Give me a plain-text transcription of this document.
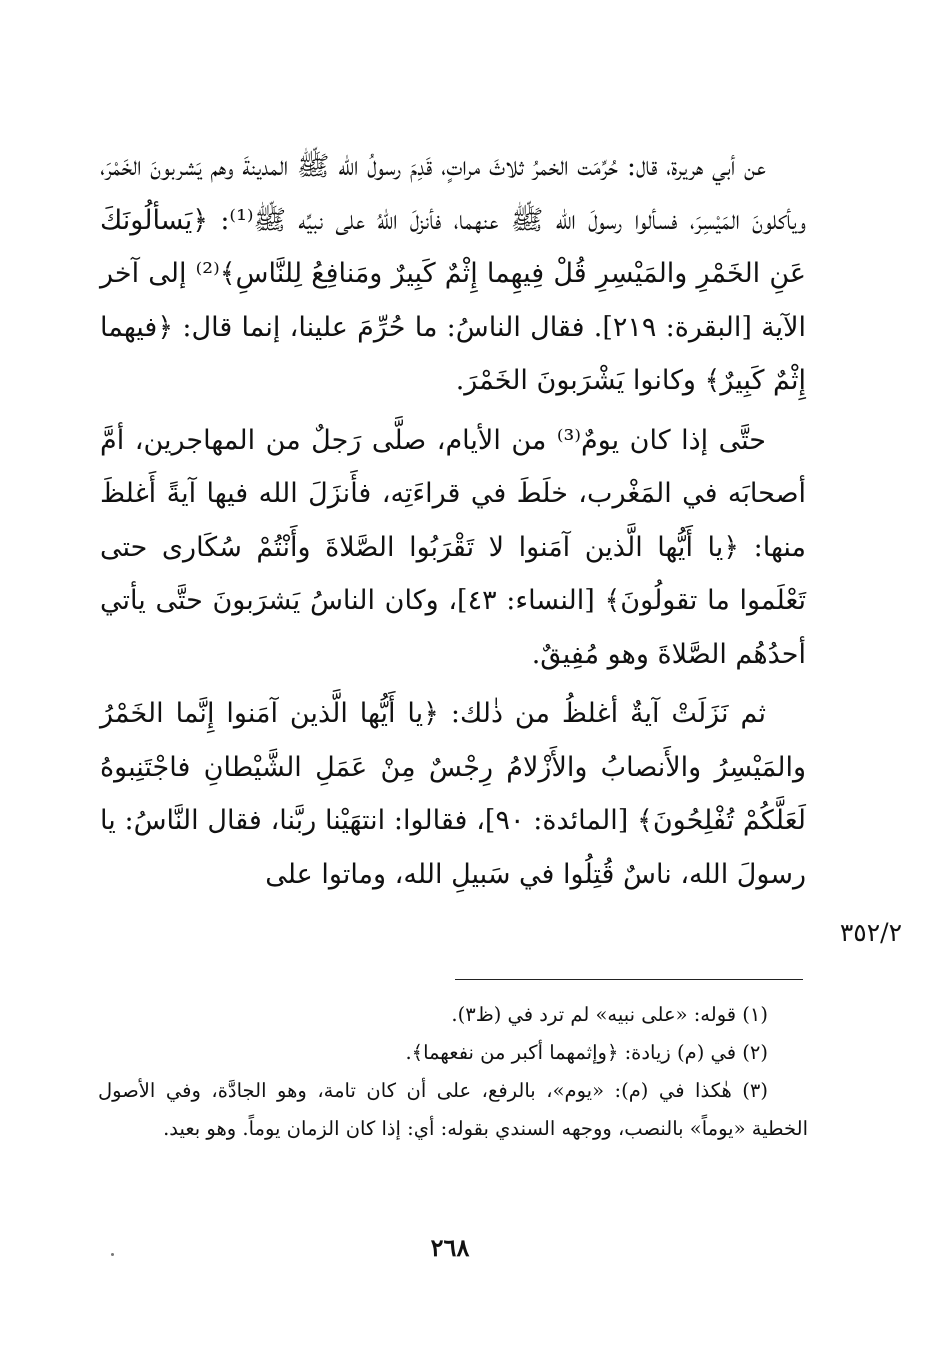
عن أبي هريرة، قال: حُرِّمَت الخمرُ ثلاثَ مراتٍ، قَدِمَ رسولُ الله ﷺ المدينةَ وهم يَشربونَ الخَمْرَ، ويأكلونَ المَيْسِرَ، فسألوا رسولَ الله ﷺ عنهما، فأنزلَ اللهُ على نبيِّه ﷺ⁽¹⁾: ﴿يَسألُونَكَ عَنِ الخَمْرِ والمَيْسِرِ قُلْ فِيهِما إِثْمٌ كَبِيرٌ ومَنافِعُ لِلنَّاسِ﴾⁽²⁾ إلى آخر الآية [البقرة: ٢١٩]. فقال الناسُ: ما حُرِّمَ علينا، إنما قال: ﴿فيهما إِثْمٌ كَبِيرٌ﴾ وكانوا يَشْرَبونَ الخَمْرَ.

حتَّى إذا كان يومٌ⁽³⁾ من الأيام، صلَّى رَجلٌ من المهاجرين، أمَّ أصحابَه في المَغْرب، خلَطَ في قراءَتِه، فأَنزَلَ الله فيها آيةً أَغلظَ منها: ﴿يا أَيُّها الَّذين آمَنوا لا تَقْرَبُوا الصَّلاةَ وأَنْتُمْ سُكَارى حتى تَعْلَموا ما تقولُونَ﴾ [النساء: ٤٣]، وكان الناسُ يَشرَبونَ حتَّى يأتي أحدُهُم الصَّلاةَ وهو مُفِيقٌ.

ثم نَزَلَتْ آيةٌ أغلظُ من ذٰلك: ﴿يا أَيُّها الَّذين آمَنوا إِنَّما الخَمْرُ والمَيْسِرُ والأَنصابُ والأَزْلامُ رِجْسٌ مِنْ عَمَلِ الشَّيْطانِ فاجْتَنِبوهُ لَعَلَّكُمْ تُفْلِحُونَ﴾ [المائدة: ٩٠]، فقالوا: انتهَيْنا ربَّنا، فقال النَّاسُ: يا رسولَ الله، ناسٌ قُتِلُوا في سَبيلِ الله، وماتوا على

٣٥٢/٢

(١) قوله: «على نبيه» لم ترد في (ظ٣).

(٢) في (م) زيادة: ﴿وإثمهما أكبر من نفعهما﴾.

(٣) هٰكذا في (م): «يوم»، بالرفع، على أن كان تامة، وهو الجادَّة، وفي الأصول الخطية «يوماً» بالنصب، ووجهه السندي بقوله: أي: إذا كان الزمان يوماً. وهو بعيد.

٢٦٨
